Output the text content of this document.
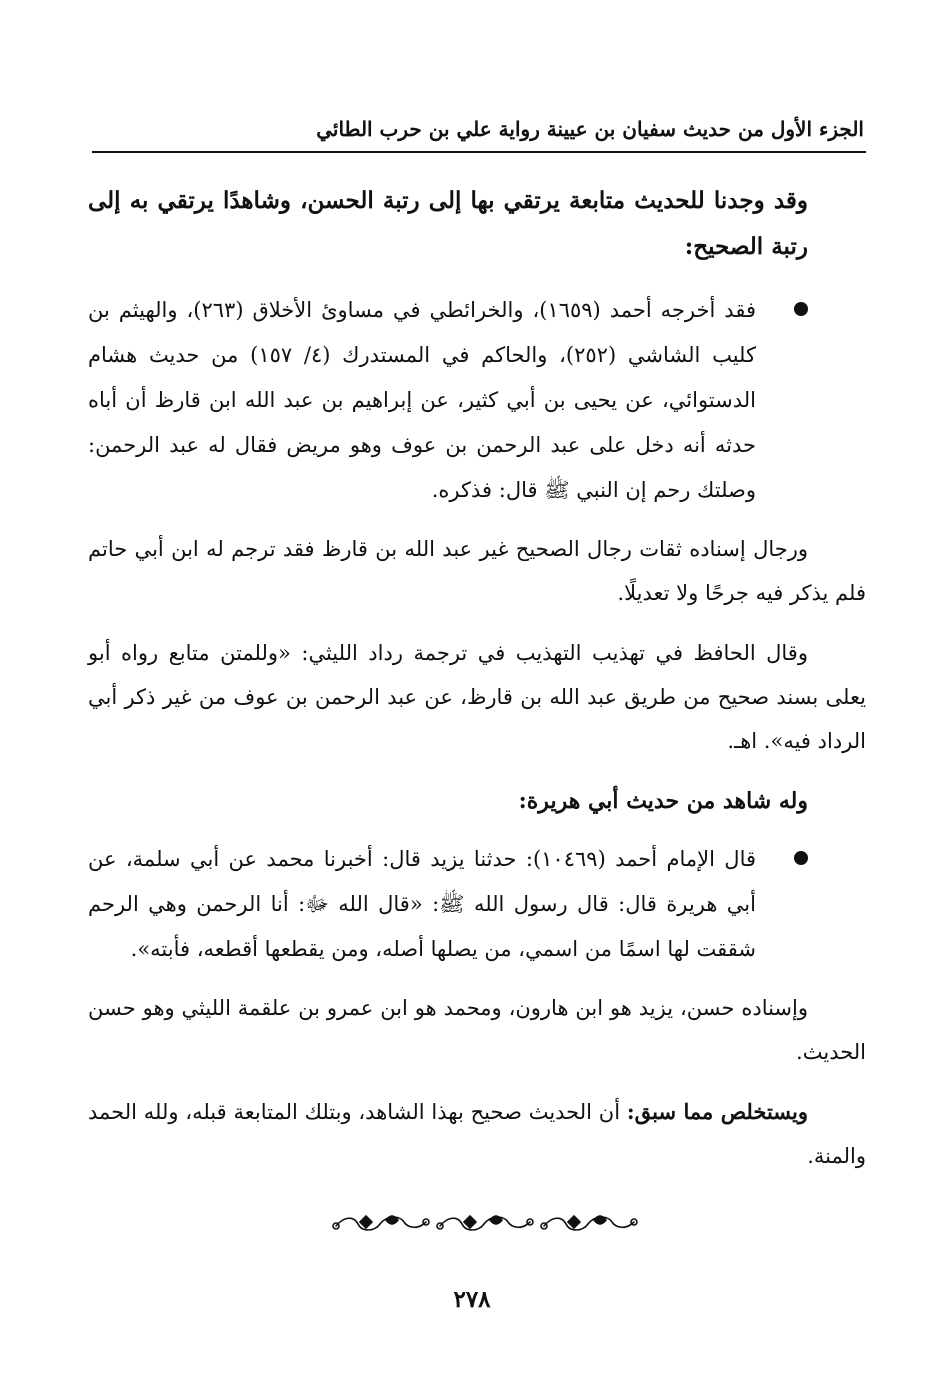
الجزء الأول من حديث سفيان بن عيينة رواية علي بن حرب الطائي

وقد وجدنا للحديث متابعة يرتقي بها إلى رتبة الحسن، وشاهدًا يرتقي به إلى رتبة الصحيح:

فقد أخرجه أحمد (١٦٥٩)، والخرائطي في مساوئ الأخلاق (٢٦٣)، والهيثم بن كليب الشاشي (٢٥٢)، والحاكم في المستدرك (٤/ ١٥٧) من حديث هشام الدستوائي، عن يحيى بن أبي كثير، عن إبراهيم بن عبد الله ابن قارظ أن أباه حدثه أنه دخل على عبد الرحمن بن عوف وهو مريض فقال له عبد الرحمن: وصلتك رحم إن النبي ﷺ قال: فذكره.

ورجال إسناده ثقات رجال الصحيح غير عبد الله بن قارظ فقد ترجم له ابن أبي حاتم فلم يذكر فيه جرحًا ولا تعديلًا.

وقال الحافظ في تهذيب التهذيب في ترجمة رداد الليثي: «وللمتن متابع رواه أبو يعلى بسند صحيح من طريق عبد الله بن قارظ، عن عبد الرحمن بن عوف من غير ذكر أبي الرداد فيه». اهـ.

وله شاهد من حديث أبي هريرة:

قال الإمام أحمد (١٠٤٦٩): حدثنا يزيد قال: أخبرنا محمد عن أبي سلمة، عن أبي هريرة قال: قال رسول الله ﷺ: «قال الله ﷻ: أنا الرحمن وهي الرحم شققت لها اسمًا من اسمي، من يصلها أصله، ومن يقطعها أقطعه، فأبته».

وإسناده حسن، يزيد هو ابن هارون، ومحمد هو ابن عمرو بن علقمة الليثي وهو حسن الحديث.

ويستخلص مما سبق: أن الحديث صحيح بهذا الشاهد، وبتلك المتابعة قبله، ولله الحمد والمنة.

٢٧٨
